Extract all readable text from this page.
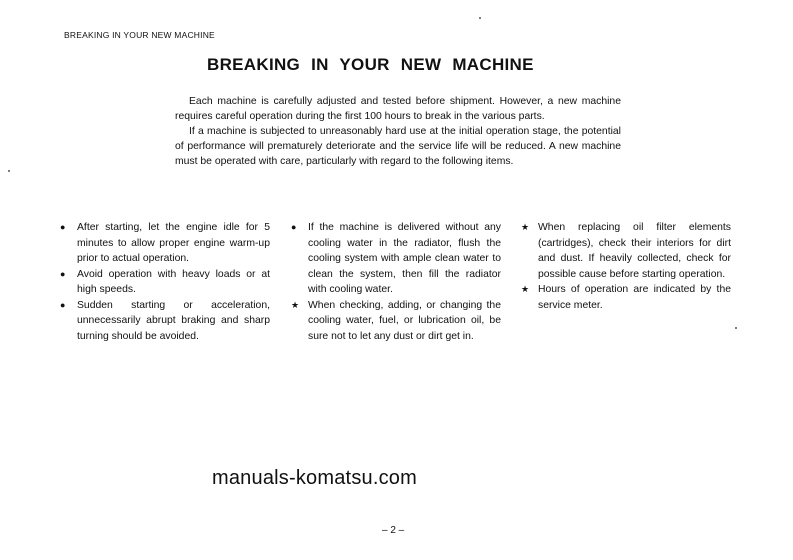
BREAKING IN YOUR NEW MACHINE
BREAKING IN YOUR NEW MACHINE

Each machine is carefully adjusted and tested before shipment. However, a new machine requires careful operation during the first 100 hours to break in the various parts.

If a machine is subjected to unreasonably hard use at the initial operation stage, the potential of performance will prematurely deteriorate and the service life will be reduced. A new machine must be operated with care, particularly with regard to the following items.

●	After starting, let the engine idle for 5 minutes to allow proper engine warm-up prior to actual operation.

●	Avoid operation with heavy loads or at high speeds.

●	Sudden starting or acceleration, unnecessarily abrupt braking and sharp turning should be avoided.

●	If the machine is delivered without any cooling water in the radiator, flush the cooling system with ample clean water to clean the system, then fill the radiator with cooling water.

★ When checking, adding, or changing the cooling water, fuel, or lubrication oil, be sure not to let any dust or dirt get in.

★ When replacing oil filter elements (cartridges), check their interiors for dirt and dust. If heavily collected, check for possible cause before starting operation.

★ Hours of operation are indicated by the service meter.

manuals-komatsu.com
– 2 –
